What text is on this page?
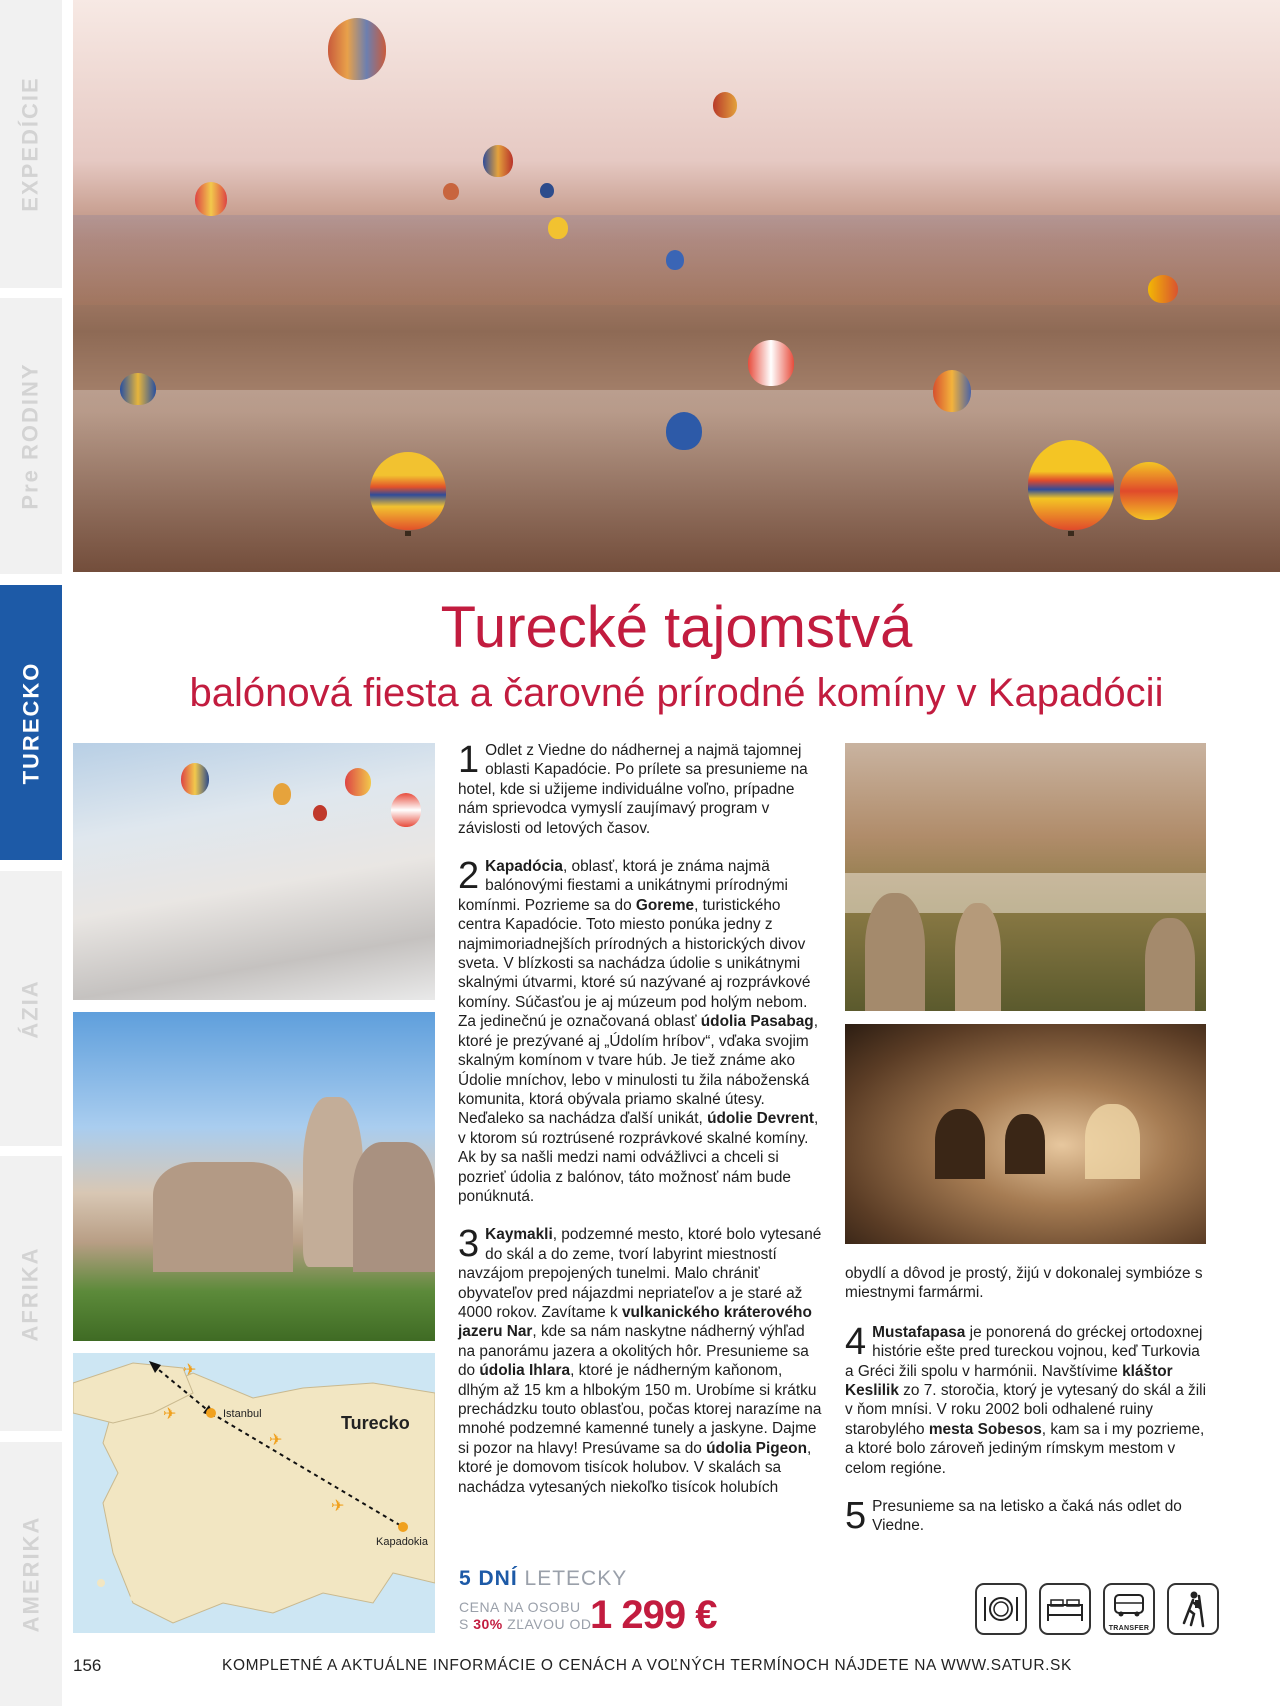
EXPEDÍCIE
Pre RODINY
TURECKO
ÁZIA
AFRIKA
AMERIKA
Turecké tajomstvá
balónová fiesta a čarovné prírodné komíny v Kapadócii
✈
✈
✈
✈
Turecko
Istanbul
Kapadokia
1 Odlet z Viedne do nádhernej a najmä tajomnej oblasti Kapadócie. Po prílete sa presunieme na hotel, kde si užijeme individuálne voľno, prípadne nám sprievodca vymyslí zaujímavý program v závislosti od letových časov.

2 Kapadócia, oblasť, ktorá je známa najmä balónovými fiestami a unikátnymi prírodnými komínmi. Pozrieme sa do Goreme, turistického centra Kapadócie. Toto miesto ponúka jedny z najmimoriadnejších prírodných a historických divov sveta. V blízkosti sa nachádza údolie s unikátnymi skalnými útvarmi, ktoré sú nazývané aj rozprávkové komíny. Súčasťou je aj múzeum pod holým nebom. Za jedinečnú je označovaná oblasť údolia Pasabag, ktoré je prezývané aj „Údolím hríbov“, vďaka svojim skalným komínom v tvare húb. Je tiež známe ako Údolie mníchov, lebo v minulosti tu žila náboženská komunita, ktorá obývala priamo skalné útesy. Neďaleko sa nachádza ďalší unikát, údolie Devrent, v ktorom sú roztrúsené rozprávkové skalné komíny. Ak by sa našli medzi nami odvážlivci a chceli si pozrieť údolia z balónov, táto možnosť nám bude ponúknutá.

3 Kaymakli, podzemné mesto, ktoré bolo vytesané do skál a do zeme, tvorí labyrint miestností navzájom prepojených tunelmi. Malo chrániť obyvateľov pred nájazdmi nepriateľov a je staré až 4000 rokov. Zavítame k vulkanického kráterového jazeru Nar, kde sa nám naskytne nádherný výhľad na panorámu jazera a okolitých hôr. Presunieme sa do údolia Ihlara, ktoré je nádherným kaňonom, dlhým až 15 km a hlbokým 150 m. Urobíme si krátku prechádzku touto oblasťou, počas ktorej narazíme na mnohé podzemné kamenné tunely a jaskyne. Dajme si pozor na hlavy! Presúvame sa do údolia Pigeon, ktoré je domovom tisícok holubov. V skalách sa nachádza vytesaných niekoľko tisícok holubích

obydlí a dôvod je prostý, žijú v dokonalej symbióze s miestnymi farmármi.

4 Mustafapasa je ponorená do gréckej ortodoxnej histórie ešte pred tureckou vojnou, keď Turkovia a Gréci žili spolu v harmónii. Navštívime kláštor Keslilik zo 7. storočia, ktorý je vytesaný do skál a žili v ňom mnísi. V roku 2002 boli odhalené ruiny starobylého mesta Sobesos, kam sa i my pozrieme, a ktoré bolo zároveň jediným rímskym mestom v celom regióne.

5 Presunieme sa na letisko a čaká nás odlet do Viedne.

5 DNÍ LETECKY
CENA NA OSOBU
S 30% ZĽAVOU OD
1 299 €	TRANSFER
156	KOMPLETNÉ A AKTUÁLNE INFORMÁCIE O CENÁCH A VOĽNÝCH TERMÍNOCH NÁJDETE NA WWW.SATUR.SK
